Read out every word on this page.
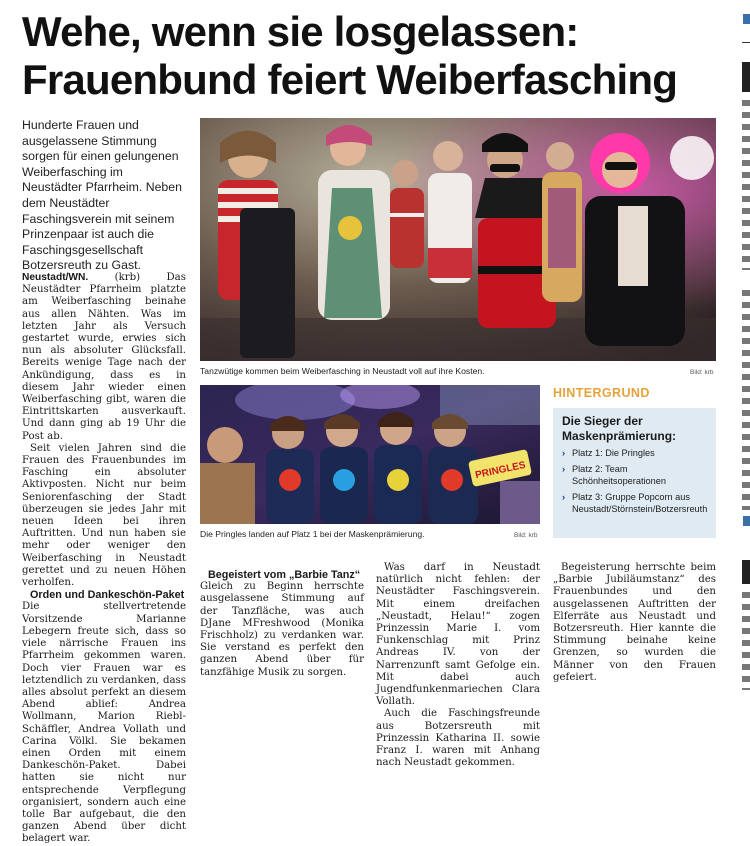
Wehe, wenn sie losgelassen:
Frauenbund feiert Weiberfasching
Hunderte Frauen und ausgelassene Stimmung sorgen für einen gelungenen Weiberfasching im Neustädter Pfarrheim. Neben dem Neustädter Faschingsverein mit seinem Prinzenpaar ist auch die Faschingsgesellschaft Botzersreuth zu Gast.

Neustadt/WN.	(krb) Das Neustädter Pfarrheim platzte am Weiberfasching beinahe aus allen Nähten. Was im letzten Jahr als Versuch gestartet wurde, erwies sich nun als absoluter Glücksfall. Bereits wenige Tage nach der Ankündigung, dass es in diesem Jahr wieder einen Weiberfasching gibt, waren die Eintrittskarten ausverkauft. Und dann ging ab 19 Uhr die Post ab.

Seit vielen Jahren sind die Frauen des Frauenbundes im Fasching ein absoluter Aktivposten. Nicht nur beim Seniorenfasching der Stadt überzeugen sie jedes Jahr mit neuen Ideen bei ihren Auftritten. Und nun haben sie mehr oder weniger den Weiberfasching in Neustadt gerettet und zu neuen Höhen verholfen.

Orden und Dankeschön-Paket

Die stellvertretende Vorsitzende Marianne Lebegern freute sich, dass so viele närrische Frauen ins Pfarrheim gekommen waren. Doch vier Frauen war es letztendlich zu verdanken, dass alles absolut perfekt an diesem Abend ablief: Andrea Wollmann, Marion Riebl-Schäffler, Andrea Vollath und Carina Völkl. Sie bekamen einen Orden mit einem Dankeschön-Paket. Dabei hatten sie nicht nur entsprechende Verpflegung organisiert, sondern auch eine tolle Bar aufgebaut, die den ganzen Abend über dicht belagert war.

Begeistert vom „Barbie Tanz“

Gleich zu Beginn herrschte ausgelassene Stimmung auf der Tanzfläche, was auch DJane MFreshwood (Monika Frischholz) zu verdanken war. Sie verstand es perfekt den ganzen Abend über für tanzfähige Musik zu sorgen.

Was darf in Neustadt natürlich nicht fehlen: der Neustädter Faschingsverein. Mit einem dreifachen „Neustadt, Helau!“ zogen Prinzessin Marie I. vom Funkenschlag mit Prinz Andreas IV. von der Narrenzunft samt Gefolge ein. Mit dabei auch Jugendfunkenmariechen Clara Vollath.

Auch die Faschingsfreunde aus Botzersreuth mit Prinzessin Katharina II. sowie Franz I. waren mit Anhang nach Neustadt gekommen.

Begeisterung herrschte beim „Barbie Jubiläumstanz“ des Frauenbundes und den ausgelassenen Auftritten der Elferräte aus Neustadt und Botzersreuth. Hier kannte die Stimmung beinahe keine Grenzen, so wurden die Männer von den Frauen gefeiert.

Tanzwütige kommen beim Weiberfasching in Neustadt voll auf ihre Kosten.	Bild: krb
PRINGLES
Die Pringles landen auf Platz 1 bei der Maskenprämierung.	Bild: krb
HINTERGRUND
Die Sieger der Maskenprämierung:
› Platz 1: Die Pringles
› Platz 2: Team Schönheitsoperationen
› Platz 3: Gruppe Popcorn aus Neustadt/Störnstein/Botzersreuth
